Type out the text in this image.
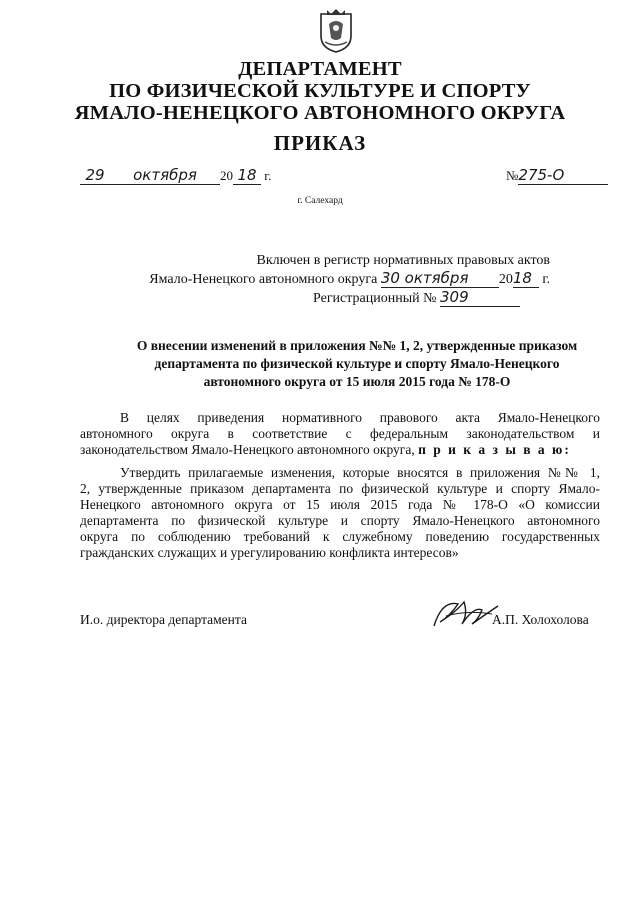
ДЕПАРТАМЕНТ
ПО ФИЗИЧЕСКОЙ КУЛЬТУРЕ И СПОРТУ
ЯМАЛО-НЕНЕЦКОГО АВТОНОМНОГО ОКРУГА
ПРИКАЗ
29 октября 20 18 г.	№275-О
г. Салехард
Включен в регистр нормативных правовых актов
Ямало-Ненецкого автономного округа 30 октября 2018 г.
Регистрационный № 309
О внесении изменений в приложения №№ 1, 2, утвержденные приказом
департамента по физической культуре и спорту Ямало-Ненецкого
автономного округа от 15 июля 2015 года № 178-О
В целях приведения нормативного правового акта Ямало-Ненецкого
автономного округа в соответствие с федеральным законодательством и
законодательством Ямало-Ненецкого автономного округа, п р и к а з ы в а ю:
Утвердить прилагаемые изменения, которые вносятся в приложения №№ 1,
2, утвержденные приказом департамента по физической культуре и спорту Ямало-
Ненецкого автономного округа от 15 июля 2015 года № 178-О «О комиссии
департамента по физической культуре и спорту Ямало-Ненецкого автономного
округа по соблюдению требований к служебному поведению государственных
гражданских служащих и урегулированию конфликта интересов»
И.о. директора департамента	А.П. Холохолова
